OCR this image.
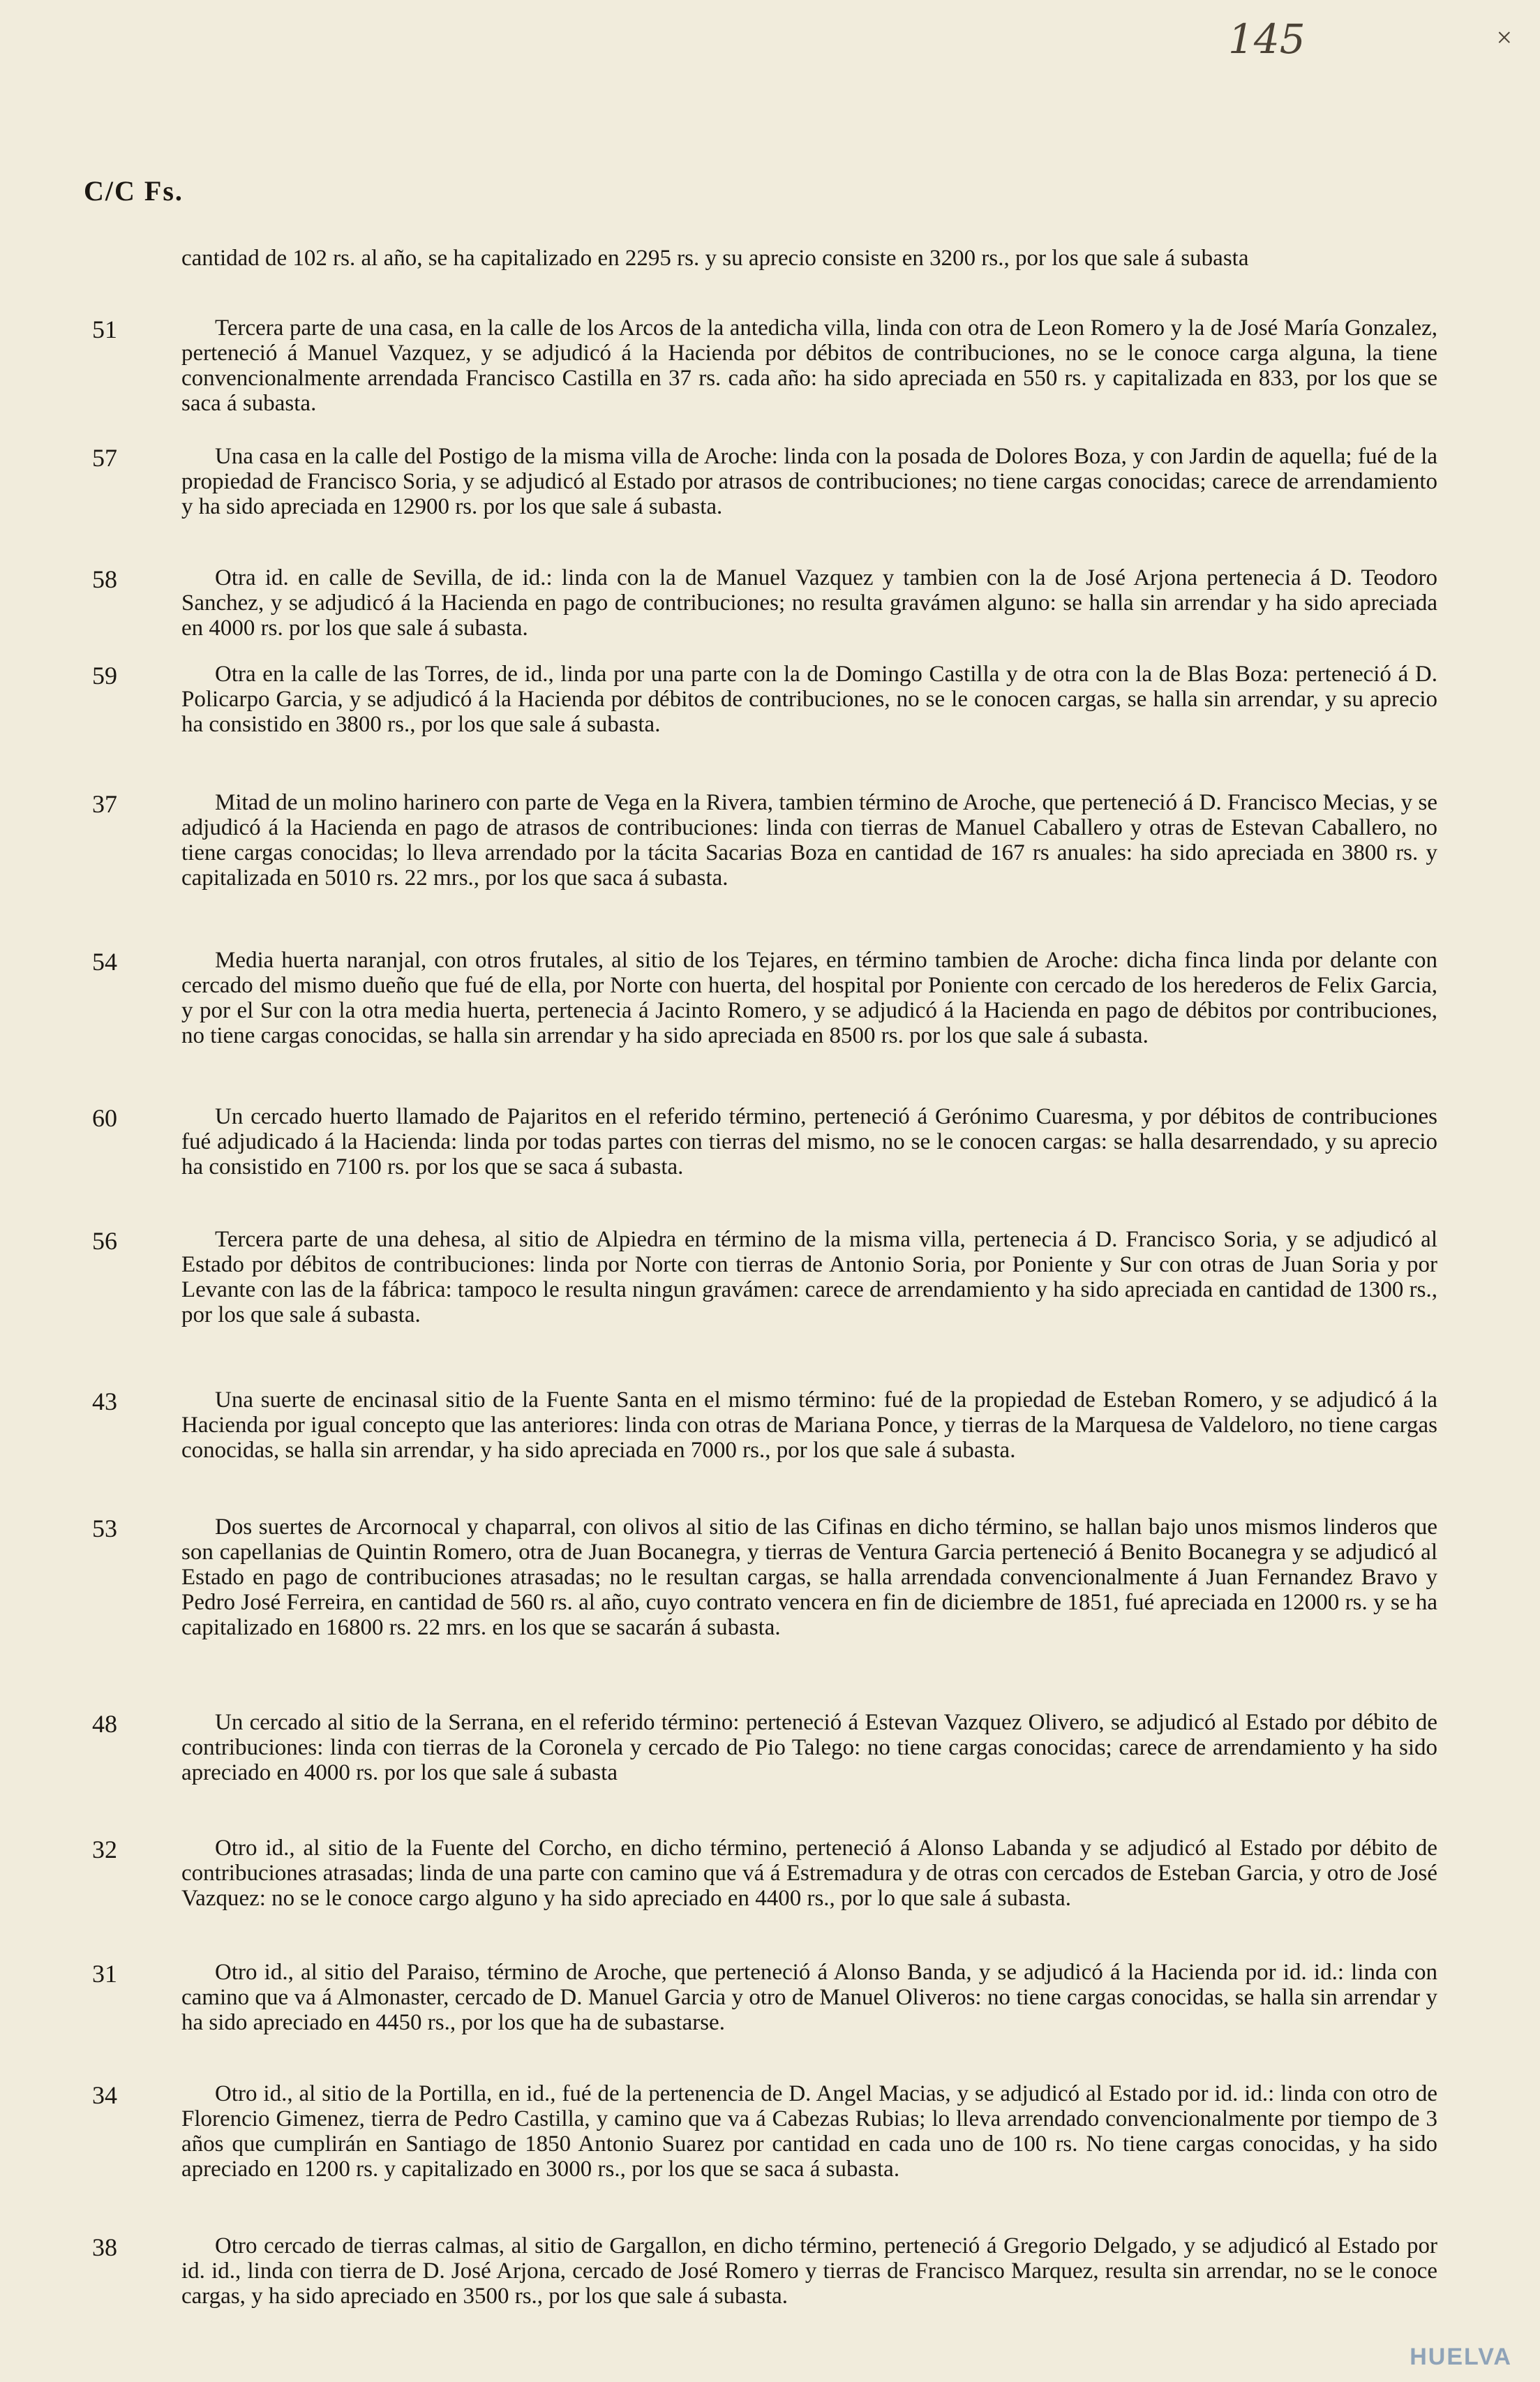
145	×
C/C Fs.
cantidad de 102 rs. al año, se ha capitalizado en 2295 rs. y su aprecio consiste en 3200 rs., por los que sale á subasta
51	Tercera parte de una casa, en la calle de los Arcos de la antedicha villa, linda con otra de Leon Romero y la de José María Gonzalez, perteneció á Manuel Vazquez, y se adjudicó á la Hacienda por débitos de contribuciones, no se le conoce carga alguna, la tiene convencionalmente arrendada Francisco Castilla en 37 rs. cada año: ha sido apreciada en 550 rs. y capitalizada en 833, por los que se saca á subasta.
57	Una casa en la calle del Postigo de la misma villa de Aroche: linda con la posada de Dolores Boza, y con Jardin de aquella; fué de la propiedad de Francisco Soria, y se adjudicó al Estado por atrasos de contribuciones; no tiene cargas conocidas; carece de arrendamiento y ha sido apreciada en 12900 rs. por los que sale á subasta.
58	Otra id. en calle de Sevilla, de id.: linda con la de Manuel Vazquez y tambien con la de José Arjona pertenecia á D. Teodoro Sanchez, y se adjudicó á la Hacienda en pago de contribuciones; no resulta gravámen alguno: se halla sin arrendar y ha sido apreciada en 4000 rs. por los que sale á subasta.
59	Otra en la calle de las Torres, de id., linda por una parte con la de Domingo Castilla y de otra con la de Blas Boza: perteneció á D. Policarpo Garcia, y se adjudicó á la Hacienda por débitos de contribuciones, no se le conocen cargas, se halla sin arrendar, y su aprecio ha consistido en 3800 rs., por los que sale á subasta.
37	Mitad de un molino harinero con parte de Vega en la Rivera, tambien término de Aroche, que perteneció á D. Francisco Mecias, y se adjudicó á la Hacienda en pago de atrasos de contribuciones: linda con tierras de Manuel Caballero y otras de Estevan Caballero, no tiene cargas conocidas; lo lleva arrendado por la tácita Sacarias Boza en cantidad de 167 rs anuales: ha sido apreciada en 3800 rs. y capitalizada en 5010 rs. 22 mrs., por los que saca á subasta.
54	Media huerta naranjal, con otros frutales, al sitio de los Tejares, en término tambien de Aroche: dicha finca linda por delante con cercado del mismo dueño que fué de ella, por Norte con huerta, del hospital por Poniente con cercado de los herederos de Felix Garcia, y por el Sur con la otra media huerta, pertenecia á Jacinto Romero, y se adjudicó á la Hacienda en pago de débitos por contribuciones, no tiene cargas conocidas, se halla sin arrendar y ha sido apreciada en 8500 rs. por los que sale á subasta.
60	Un cercado huerto llamado de Pajaritos en el referido término, perteneció á Gerónimo Cuaresma, y por débitos de contribuciones fué adjudicado á la Hacienda: linda por todas partes con tierras del mismo, no se le conocen cargas: se halla desarrendado, y su aprecio ha consistido en 7100 rs. por los que se saca á subasta.
56	Tercera parte de una dehesa, al sitio de Alpiedra en término de la misma villa, pertenecia á D. Francisco Soria, y se adjudicó al Estado por débitos de contribuciones: linda por Norte con tierras de Antonio Soria, por Poniente y Sur con otras de Juan Soria y por Levante con las de la fábrica: tampoco le resulta ningun gravámen: carece de arrendamiento y ha sido apreciada en cantidad de 1300 rs., por los que sale á subasta.
43	Una suerte de encinasal sitio de la Fuente Santa en el mismo término: fué de la propiedad de Esteban Romero, y se adjudicó á la Hacienda por igual concepto que las anteriores: linda con otras de Mariana Ponce, y tierras de la Marquesa de Valdeloro, no tiene cargas conocidas, se halla sin arrendar, y ha sido apreciada en 7000 rs., por los que sale á subasta.
53	Dos suertes de Arcornocal y chaparral, con olivos al sitio de las Cifinas en dicho término, se hallan bajo unos mismos linderos que son capellanias de Quintin Romero, otra de Juan Bocanegra, y tierras de Ventura Garcia perteneció á Benito Bocanegra y se adjudicó al Estado en pago de contribuciones atrasadas; no le resultan cargas, se halla arrendada convencionalmente á Juan Fernandez Bravo y Pedro José Ferreira, en cantidad de 560 rs. al año, cuyo contrato vencera en fin de diciembre de 1851, fué apreciada en 12000 rs. y se ha capitalizado en 16800 rs. 22 mrs. en los que se sacarán á subasta.
48	Un cercado al sitio de la Serrana, en el referido término: perteneció á Estevan Vazquez Olivero, se adjudicó al Estado por débito de contribuciones: linda con tierras de la Coronela y cercado de Pio Talego: no tiene cargas conocidas; carece de arrendamiento y ha sido apreciado en 4000 rs. por los que sale á subasta
32	Otro id., al sitio de la Fuente del Corcho, en dicho término, perteneció á Alonso Labanda y se adjudicó al Estado por débito de contribuciones atrasadas; linda de una parte con camino que vá á Estremadura y de otras con cercados de Esteban Garcia, y otro de José Vazquez: no se le conoce cargo alguno y ha sido apreciado en 4400 rs., por lo que sale á subasta.
31	Otro id., al sitio del Paraiso, término de Aroche, que perteneció á Alonso Banda, y se adjudicó á la Hacienda por id. id.: linda con camino que va á Almonaster, cercado de D. Manuel Garcia y otro de Manuel Oliveros: no tiene cargas conocidas, se halla sin arrendar y ha sido apreciado en 4450 rs., por los que ha de subastarse.
34	Otro id., al sitio de la Portilla, en id., fué de la pertenencia de D. Angel Macias, y se adjudicó al Estado por id. id.: linda con otro de Florencio Gimenez, tierra de Pedro Castilla, y camino que va á Cabezas Rubias; lo lleva arrendado convencionalmente por tiempo de 3 años que cumplirán en Santiago de 1850 Antonio Suarez por cantidad en cada uno de 100 rs. No tiene cargas conocidas, y ha sido apreciado en 1200 rs. y capitalizado en 3000 rs., por los que se saca á subasta.
38	Otro cercado de tierras calmas, al sitio de Gargallon, en dicho término, perteneció á Gregorio Delgado, y se adjudicó al Estado por id. id., linda con tierra de D. José Arjona, cercado de José Romero y tierras de Francisco Marquez, resulta sin arrendar, no se le conoce cargas, y ha sido apreciado en 3500 rs., por los que sale á subasta.
HUELVA
